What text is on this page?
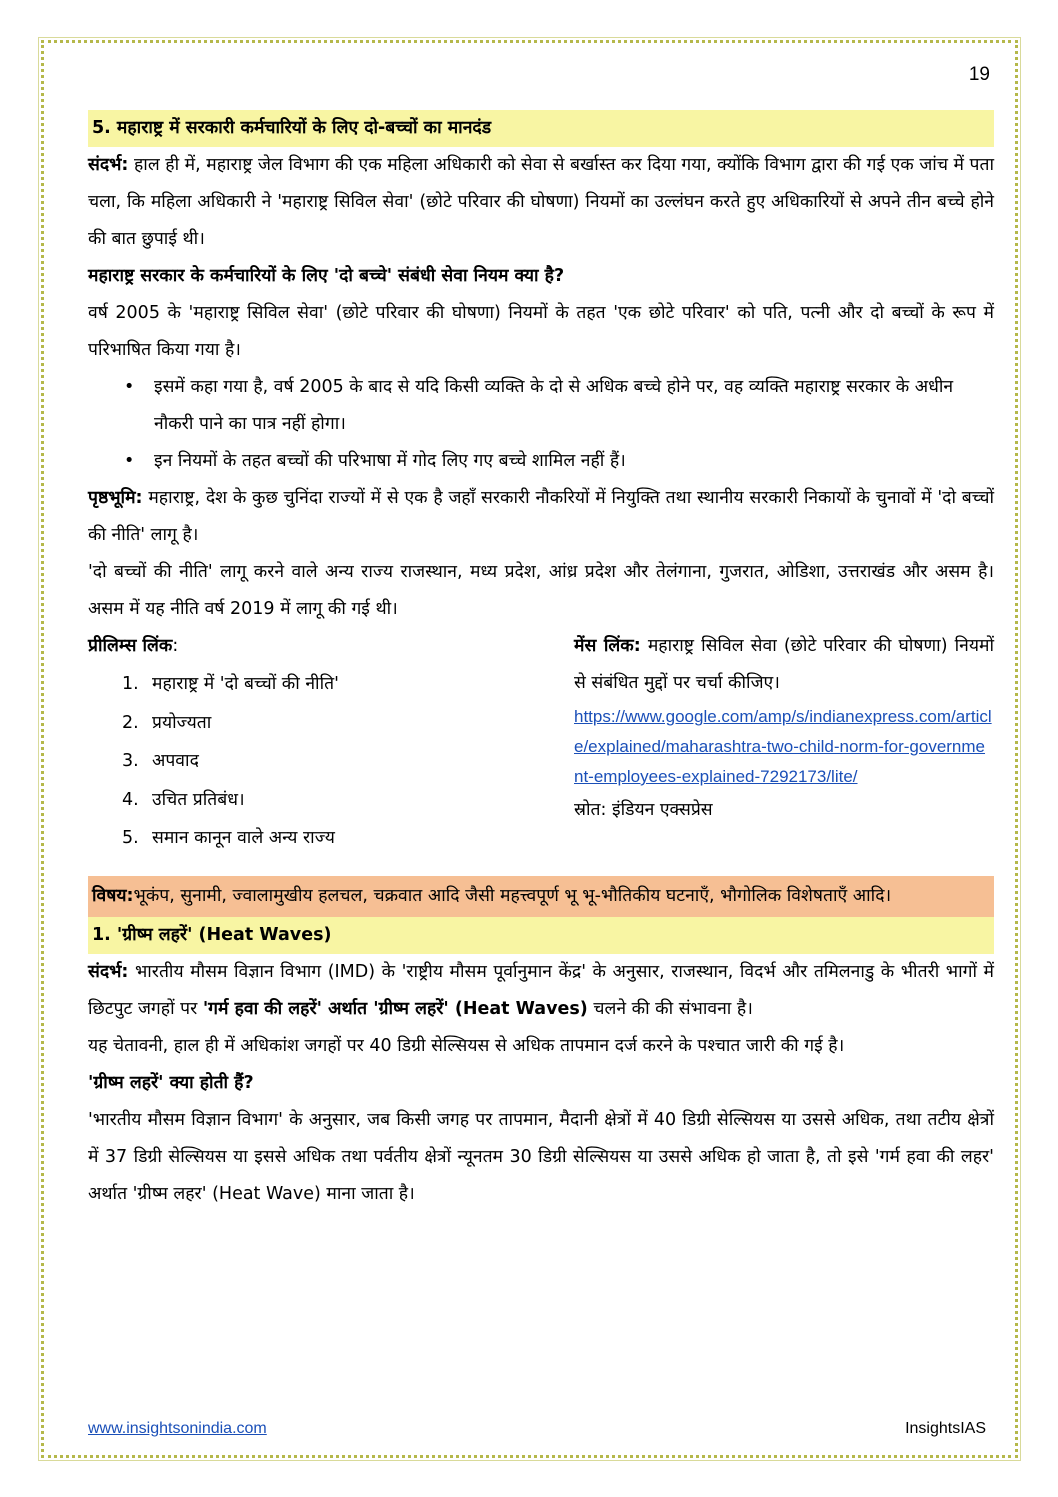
19
5. महाराष्ट्र में सरकारी कर्मचारियों के लिए दो-बच्चों का मानदंड

संदर्भ: हाल ही में, महाराष्ट्र जेल विभाग की एक महिला अधिकारी को सेवा से बर्खास्त कर दिया गया, क्योंकि विभाग द्वारा की गई एक जांच में पता चला, कि महिला अधिकारी ने 'महाराष्ट्र सिविल सेवा' (छोटे परिवार की घोषणा) नियमों का उल्लंघन करते हुए अधिकारियों से अपने तीन बच्चे होने की बात छुपाई थी।

महाराष्ट्र सरकार के कर्मचारियों के लिए 'दो बच्चे' संबंधी सेवा नियम क्या है?

वर्ष 2005 के 'महाराष्ट्र सिविल सेवा' (छोटे परिवार की घोषणा) नियमों के तहत 'एक छोटे परिवार' को पति, पत्नी और दो बच्चों के रूप में परिभाषित किया गया है।

• इसमें कहा गया है, वर्ष 2005 के बाद से यदि किसी व्यक्ति के दो से अधिक बच्चे होने पर, वह व्यक्ति महाराष्ट्र सरकार के अधीन नौकरी पाने का पात्र नहीं होगा।
• इन नियमों के तहत बच्चों की परिभाषा में गोद लिए गए बच्चे शामिल नहीं हैं।

पृष्ठभूमि: महाराष्ट्र, देश के कुछ चुनिंदा राज्यों में से एक है जहाँ सरकारी नौकरियों में नियुक्ति तथा स्थानीय सरकारी निकायों के चुनावों में 'दो बच्चों की नीति' लागू है।

'दो बच्चों की नीति' लागू करने वाले अन्य राज्य राजस्थान, मध्य प्रदेश, आंध्र प्रदेश और तेलंगाना, गुजरात, ओडिशा, उत्तराखंड और असम है। असम में यह नीति वर्ष 2019 में लागू की गई थी।

प्रीलिम्स लिंक:
1. महाराष्ट्र में 'दो बच्चों की नीति'
2. प्रयोज्यता
3. अपवाद
4. उचित प्रतिबंध।
5. समान कानून वाले अन्य राज्य

मेंस लिंक: महाराष्ट्र सिविल सेवा (छोटे परिवार की घोषणा) नियमों से संबंधित मुद्दों पर चर्चा कीजिए।

https://www.google.com/amp/s/indianexpress.com/article/explained/maharashtra-two-child-norm-for-government-employees-explained-7292173/lite/
स्रोत: इंडियन एक्सप्रेस
विषय:भूकंप, सुनामी, ज्वालामुखीय हलचल, चक्रवात आदि जैसी महत्त्वपूर्ण भू भू-भौतिकीय घटनाएँ, भौगोलिक विशेषताएँ आदि।
1. 'ग्रीष्म लहरें' (Heat Waves)

संदर्भ: भारतीय मौसम विज्ञान विभाग (IMD) के 'राष्ट्रीय मौसम पूर्वानुमान केंद्र' के अनुसार, राजस्थान, विदर्भ और तमिलनाडु के भीतरी भागों में छिटपुट जगहों पर 'गर्म हवा की लहरें' अर्थात 'ग्रीष्म लहरें' (Heat Waves) चलने की की संभावना है।

यह चेतावनी, हाल ही में अधिकांश जगहों पर 40 डिग्री सेल्सियस से अधिक तापमान दर्ज करने के पश्चात जारी की गई है।

'ग्रीष्म लहरें' क्या होती हैं?

'भारतीय मौसम विज्ञान विभाग' के अनुसार, जब किसी जगह पर तापमान, मैदानी क्षेत्रों में 40 डिग्री सेल्सियस या उससे अधिक, तथा तटीय क्षेत्रों में 37 डिग्री सेल्सियस या इससे अधिक तथा पर्वतीय क्षेत्रों न्यूनतम 30 डिग्री सेल्सियस या उससे अधिक हो जाता है, तो इसे 'गर्म हवा की लहर' अर्थात 'ग्रीष्म लहर' (Heat Wave) माना जाता है।

www.insightsonindia.com	InsightsIAS
